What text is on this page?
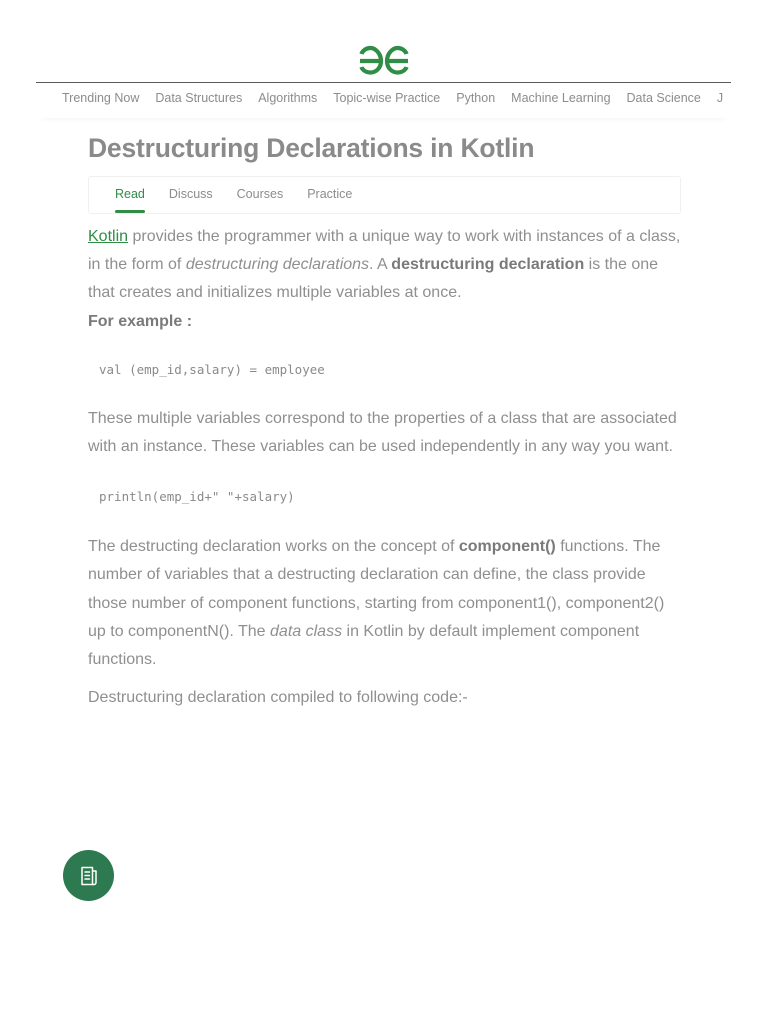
Trending Now Data Structures Algorithms Topic-wise Practice Python Machine Learning Data Science J
Destructuring Declarations in Kotlin
Read Discuss Courses Practice

Kotlin provides the programmer with a unique way to work with instances of a class, in the form of destructuring declarations. A destructuring declaration is the one that creates and initializes multiple variables at once.
For example :

val (emp_id,salary) = employee

These multiple variables correspond to the properties of a class that are associated with an instance. These variables can be used independently in any way you want.

println(emp_id+" "+salary)

The destructing declaration works on the concept of component() functions. The number of variables that a destructing declaration can define, the class provide those number of component functions, starting from component1(), component2() up to componentN(). The data class in Kotlin by default implement component functions.

Destructuring declaration compiled to following code:-
